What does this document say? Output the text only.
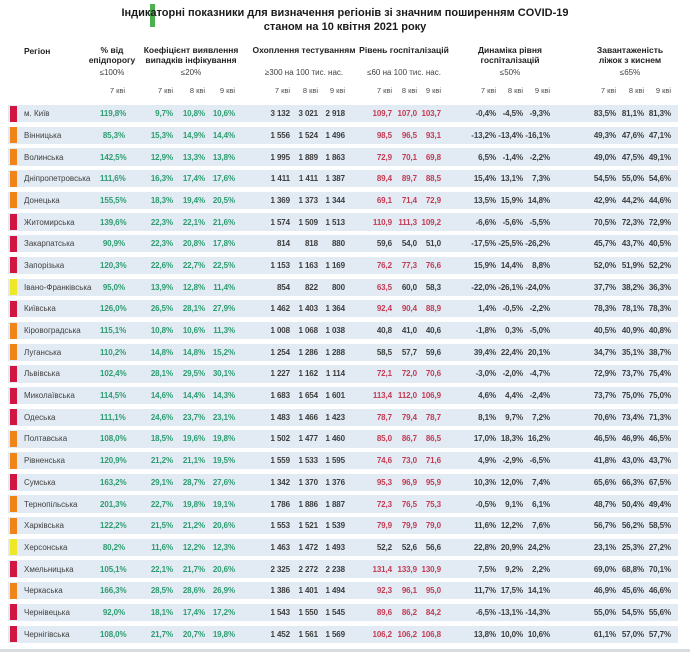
Індикаторні показники для визначення регіонів зі значним поширенням COVID-19
станом на 10 квітня 2021 року
Регіон	% від епідпорогу
Коефіцієнт виявлення випадків інфікування
Охоплення тестуванням Рівень госпіталізацій	Динаміка рівня госпіталізацій
Завантаженість ліжок з киснем
≤100%	≤20%	≥300 на 100 тис. нас.	≤60 на 100 тис. нас.	≤50%	≤65%
7 кві	7 кві	8 кві	9 кві	7 кві	8 кві	9 кві	7 кві	8 кві	9 кві	7 кві	8 кві	9 кві	7 кві	8 кві	9 кві
м. Київ	119,8%	9,7%	10,8% 10,6%	3 132	3 021 2 918	109,7 107,0 103,7	-0,4% -4,5% -9,3%	83,5% 81,1% 81,3%
Вінницька	85,3%	15,3%	14,9% 14,4%	1 556	1 524 1 496	98,5	96,5	93,1	-13,2% -13,4% -16,1%	49,3% 47,6% 47,1%
Волинська	142,5%	12,9%	13,3% 13,8%	1 995	1 889 1 863	72,9	70,1	69,8	6,5% -1,4% -2,2%	49,0% 47,5% 49,1%
Дніпропетровська 111,6%	16,3%	17,4% 17,6%	1 411	1 411 1 387	89,4	89,7	88,5	15,4% 13,1%	7,3%	54,5% 55,0% 54,6%
Донецька	155,5%	18,3%	19,4% 20,5%	1 369	1 373 1 344	69,1	71,4	72,9	13,5% 15,9% 14,8%	42,9% 44,2% 44,6%
Житомирська	139,6%	22,3%	22,1% 21,6%	1 574	1 509 1 513	110,9 111,3 109,2	-6,6% -5,6% -5,5%	70,5% 72,3% 72,9%
Закарпатська	90,9%	22,3%	20,8% 17,8%	814	818	880	59,6	54,0	51,0	-17,5% -25,5% -26,2%	45,7% 43,7% 40,5%
Запорізька	120,3%	22,6%	22,7% 22,5%	1 153	1 163 1 169	76,2	77,3	76,6	15,9% 14,4%	8,8%	52,0% 51,9% 52,2%
Івано-Франківська	95,0%	13,9%	12,8%	11,4%	854	822	800	63,5	60,0	58,3	-22,0% -26,1% -24,0%	37,7% 38,2% 36,3%
Київська	126,0%	26,5%	28,1% 27,9%	1 462	1 403 1 364	92,4	90,4	88,9	1,4% -0,5% -2,2%	78,3% 78,1% 78,3%
Кіровоградська 115,1%	10,8%	10,6%	11,3%	1 008	1 068 1 038	40,8	41,0	40,6	-1,8%	0,3% -5,0%	40,5% 40,9% 40,8%
Луганська	110,2%	14,8%	14,8% 15,2%	1 254	1 286 1 288	58,5	57,7	59,6	39,4% 22,4% 20,1%	34,7% 35,1% 38,7%
Львівська	102,4%	28,1%	29,5% 30,1%	1 227	1 162 1 114	72,1	72,0	70,6	-3,0% -2,0% -4,7%	72,9% 73,7% 75,4%
Миколаївська	114,5%	14,6%	14,4% 14,3%	1 683	1 654 1 601	113,4 112,0 106,9	4,6%	4,4% -2,4%	73,7% 75,0% 75,0%
Одеська	111,1%	24,6%	23,7% 23,1%	1 483	1 466 1 423	78,7	79,4	78,7	8,1%	9,7%	7,2%	70,6% 73,4% 71,3%
Полтавська	108,0%	18,5%	19,6% 19,8%	1 502	1 477 1 460	85,0	86,7	86,5	17,0% 18,3% 16,2%	46,5% 46,9% 46,5%
Рівненська	120,9%	21,2%	21,1% 19,5%	1 559	1 533 1 595	74,6	73,0	71,6	4,9% -2,9% -6,5%	41,8% 43,0% 43,7%
Сумська	163,2%	29,1%	28,7% 27,6%	1 342	1 370 1 376	95,3	96,9	95,9	10,3% 12,0%	7,4%	65,6% 66,3% 67,5%
Тернопільська	201,3%	22,7%	19,8% 19,1%	1 786	1 886 1 887	72,3	76,5	75,3	-0,5%	9,1%	6,1%	48,7% 50,4% 49,4%
Харківська	122,2%	21,5%	21,2% 20,6%	1 553	1 521 1 539	79,9	79,9	79,0	11,6% 12,2%	7,6%	56,7% 56,2% 58,5%
Херсонська	80,2%	11,6%	12,2% 12,3%	1 463	1 472 1 493	52,2	52,6	56,6	22,8% 20,9% 24,2%	23,1% 25,3% 27,2%
Хмельницька	105,1%	22,1%	21,7% 20,6%	2 325	2 272 2 238	131,4 133,9 130,9	7,5%	9,2%	2,2%	69,0% 68,8% 70,1%
Черкаська	166,3%	28,5%	28,6% 26,9%	1 386	1 401 1 494	92,3	96,1	95,0	11,7% 17,5% 14,1%	46,9% 45,6% 46,6%
Чернівецька	92,0%	18,1%	17,4% 17,2%	1 543	1 550 1 545	89,6	86,2	84,2	-6,5% -13,1% -14,3%	55,0% 54,5% 55,6%
Чернігівська	108,0%	21,7%	20,7% 19,8%	1 452	1 561 1 569	106,2 106,2 106,8	13,8% 10,0% 10,6%	61,1% 57,0% 57,7%
